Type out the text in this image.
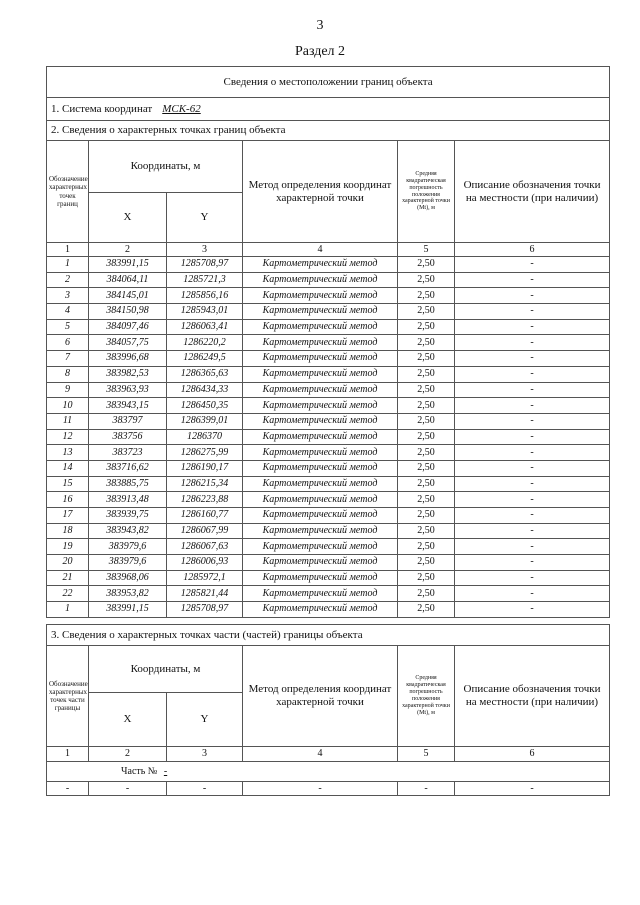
3
Раздел 2
Сведения о местоположении границ объекта					
1. Система координат МСК-62					
2. Сведения о характерных точках границ объекта					
Обозначение характерных точек границ	Координаты, м		Метод определения координат характерной точки	Средняя квадратическая погрешность положения характерной точки (Мt), м	Описание обозначения точки на местности (при наличии)
	X	Y			
1	2	3	4	5	6
1	383991,15	1285708,97	Картометрический метод	2,50	-
2	384064,11	1285721,3	Картометрический метод	2,50	-
3	384145,01	1285856,16	Картометрический метод	2,50	-
4	384150,98	1285943,01	Картометрический метод	2,50	-
5	384097,46	1286063,41	Картометрический метод	2,50	-
6	384057,75	1286220,2	Картометрический метод	2,50	-
7	383996,68	1286249,5	Картометрический метод	2,50	-
8	383982,53	1286365,63	Картометрический метод	2,50	-
9	383963,93	1286434,33	Картометрический метод	2,50	-
10	383943,15	1286450,35	Картометрический метод	2,50	-
11	383797	1286399,01	Картометрический метод	2,50	-
12	383756	1286370	Картометрический метод	2,50	-
13	383723	1286275,99	Картометрический метод	2,50	-
14	383716,62	1286190,17	Картометрический метод	2,50	-
15	383885,75	1286215,34	Картометрический метод	2,50	-
16	383913,48	1286223,88	Картометрический метод	2,50	-
17	383939,75	1286160,77	Картометрический метод	2,50	-
18	383943,82	1286067,99	Картометрический метод	2,50	-
19	383979,6	1286067,63	Картометрический метод	2,50	-
20	383979,6	1286006,93	Картометрический метод	2,50	-
21	383968,06	1285972,1	Картометрический метод	2,50	-
22	383953,82	1285821,44	Картометрический метод	2,50	-
1	383991,15	1285708,97	Картометрический метод	2,50	-
3. Сведения о характерных точках части (частей) границы объекта					
Обозначение характерных точек части границы	Координаты, м		Метод определения координат характерной точки	Средняя квадратическая погрешность положения характерной точки (Мt), м	Описание обозначения точки на местности (при наличии)
	X	Y			
1	2	3	4	5	6
Часть № -					
-	-	-	-	-	-
